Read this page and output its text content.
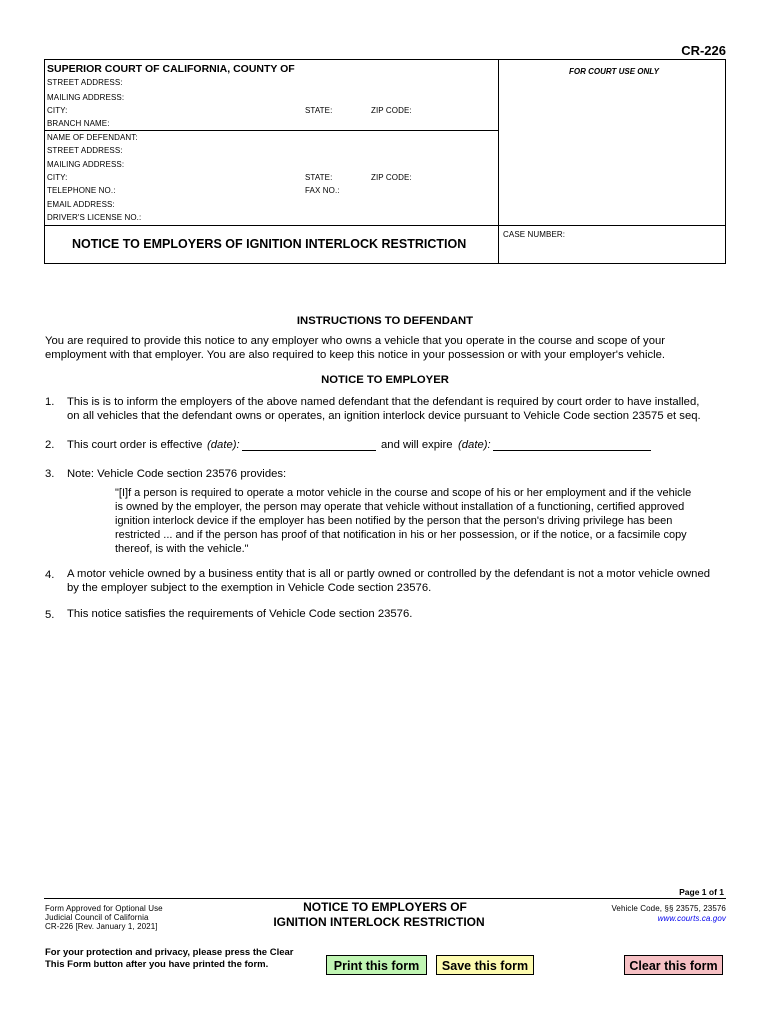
CR-226
SUPERIOR COURT OF CALIFORNIA, COUNTY OF
STREET ADDRESS:
MAILING ADDRESS:
CITY:	STATE:	ZIP CODE:
BRANCH NAME:
FOR COURT USE ONLY
NAME OF DEFENDANT:
STREET ADDRESS:
MAILING ADDRESS:
CITY:	STATE:	ZIP CODE:
TELEPHONE NO.:	FAX NO.:
EMAIL ADDRESS:
DRIVER'S LICENSE NO.:
NOTICE TO EMPLOYERS OF IGNITION INTERLOCK RESTRICTION
CASE NUMBER:
INSTRUCTIONS TO DEFENDANT
You are required to provide this notice to any employer who owns a vehicle that you operate in the course and scope of your
employment with that employer. You are also required to keep this notice in your possession or with your employer's vehicle.
NOTICE TO EMPLOYER
1. This is is to inform the employers of the above named defendant that the defendant is required by court order to have installed,
on all vehicles that the defendant owns or operates, an ignition interlock device pursuant to Vehicle Code section 23575 et seq.
2. This court order is effective (date):	and will expire (date):
3. Note: Vehicle Code section 23576 provides:
"[I]f a person is required to operate a motor vehicle in the course and scope of his or her employment and if the vehicle
is owned by the employer, the person may operate that vehicle without installation of a functioning, certified approved
ignition interlock device if the employer has been notified by the person that the person's driving privilege has been
restricted ... and if the person has proof of that notification in his or her possession, or if the notice, or a facsimile copy
thereof, is with the vehicle."
4. A motor vehicle owned by a business entity that is all or partly owned or controlled by the defendant is not a motor vehicle owned
by the employer subject to the exemption in Vehicle Code section 23576.
5. This notice satisfies the requirements of Vehicle Code section 23576.
Page 1 of 1
Form Approved for Optional Use
Judicial Council of California
CR-226 [Rev. January 1, 2021]
NOTICE TO EMPLOYERS OF
IGNITION INTERLOCK RESTRICTION
Vehicle Code, §§ 23575, 23576
www.courts.ca.gov
For your protection and privacy, please press the Clear
This Form button after you have printed the form.	Print this form	Save this form	Clear this form
